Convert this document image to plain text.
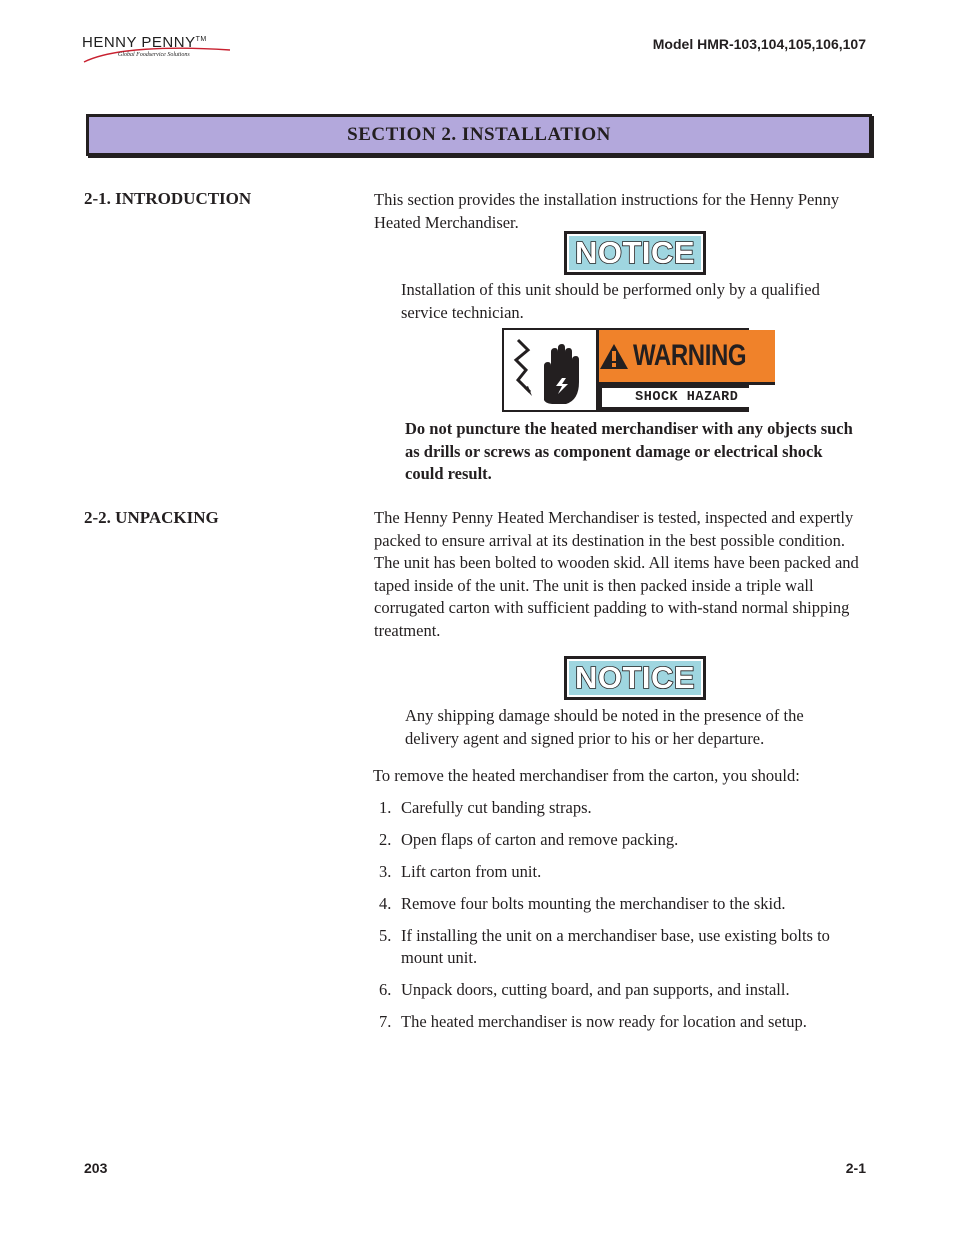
HENNY PENNY™
Global Foodservice Solutions
Model HMR-103,104,105,106,107
SECTION 2. INSTALLATION
2-1. INTRODUCTION	This section provides the installation instructions for the Henny Penny Heated Merchandiser.
NOTICE
Installation of this unit should be performed only by a qualified service technician.
WARNING
SHOCK HAZARD
Do not puncture the heated merchandiser with any objects such as drills or screws as component damage or electrical shock could result.
2-2. UNPACKING	The Henny Penny Heated Merchandiser is tested, inspected and expertly packed to ensure arrival at its destination in the best possible condition. The unit has been bolted to wooden skid. All items have been packed and taped inside of the unit. The unit is then packed inside a triple wall corrugated carton with sufficient padding to with-stand normal shipping treatment.
NOTICE
Any shipping damage should be noted in the presence of the delivery agent and signed prior to his or her departure.
To remove the heated merchandiser from the carton, you should:
1. Carefully cut banding straps.
2. Open flaps of carton and remove packing.
3. Lift carton from unit.
4. Remove four bolts mounting the merchandiser to the skid.
5. If installing the unit on a merchandiser base, use existing bolts to mount unit.
6. Unpack doors, cutting board, and pan supports, and install.
7. The heated merchandiser is now ready for location and setup.
203	2-1
